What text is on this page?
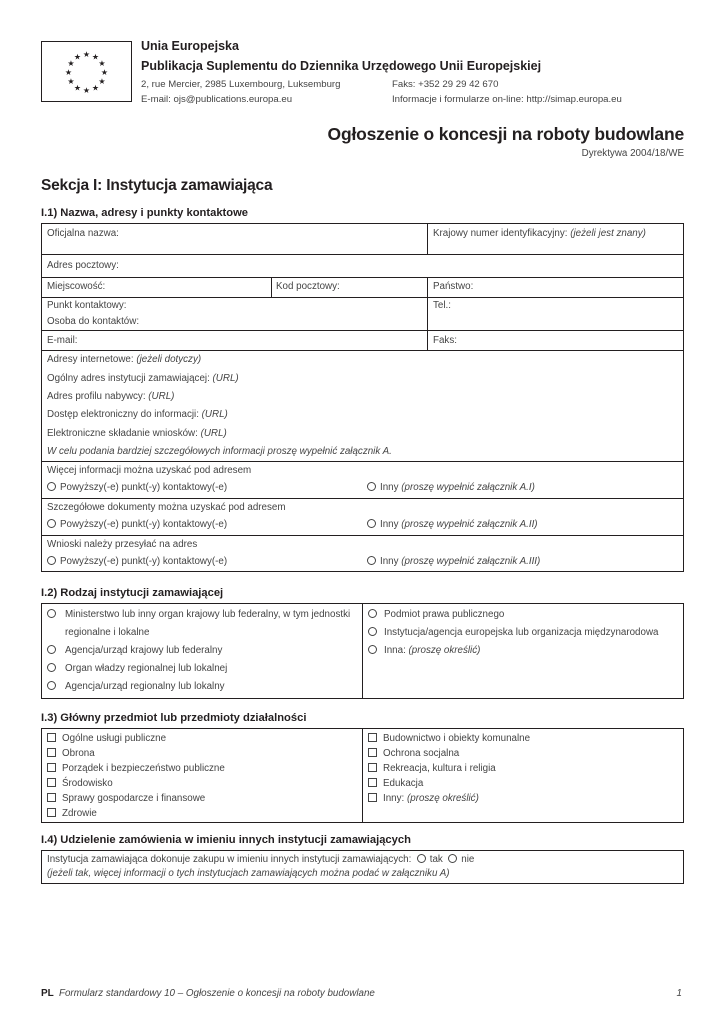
★ ★
★
★
★
★
★
★
★
★
★
★
Unia Europejska
Publikacja Suplementu do Dziennika Urzędowego Unii Europejskiej
2, rue Mercier, 2985 Luxembourg, Luksemburg	Faks: +352 29 29 42 670
E-mail: ojs@publications.europa.eu	Informacje i formularze on-line: http://simap.europa.eu
Ogłoszenie o koncesji na roboty budowlane
Dyrektywa 2004/18/WE
Sekcja I: Instytucja zamawiająca
I.1) Nazwa, adresy i punkty kontaktowe
Oficjalna nazwa:	Krajowy numer identyfikacyjny: (jeżeli jest znany)
Adres pocztowy:
Miejscowość:	Kod pocztowy:	Państwo:
Punkt kontaktowy:	Tel.:
Osoba do kontaktów:
E-mail:	Faks:
Adresy internetowe: (jeżeli dotyczy)
Ogólny adres instytucji zamawiającej: (URL)
Adres profilu nabywcy: (URL)
Dostęp elektroniczny do informacji: (URL)
Elektroniczne składanie wniosków: (URL)
W celu podania bardziej szczegółowych informacji proszę wypełnić załącznik A.
Więcej informacji można uzyskać pod adresem
Powyższy(-e) punkt(-y) kontaktowy(-e)	Inny (proszę wypełnić załącznik A.I)
Szczegółowe dokumenty można uzyskać pod adresem
Powyższy(-e) punkt(-y) kontaktowy(-e)	Inny (proszę wypełnić załącznik A.II)
Wnioski należy przesyłać na adres
Powyższy(-e) punkt(-y) kontaktowy(-e)	Inny (proszę wypełnić załącznik A.III)
I.2) Rodzaj instytucji zamawiającej
Ministerstwo lub inny organ krajowy lub federalny, w tym jednostki
regionalne i lokalne
Agencja/urząd krajowy lub federalny
Organ władzy regionalnej lub lokalnej
Agencja/urząd regionalny lub lokalny
Podmiot prawa publicznego
Instytucja/agencja europejska lub organizacja międzynarodowa
Inna: (proszę określić)
I.3) Główny przedmiot lub przedmioty działalności
Ogólne usługi publiczne
Obrona
Porządek i bezpieczeństwo publiczne
Środowisko
Sprawy gospodarcze i finansowe
Zdrowie
Budownictwo i obiekty komunalne
Ochrona socjalna
Rekreacja, kultura i religia
Edukacja
Inny: (proszę określić)
I.4) Udzielenie zamówienia w imieniu innych instytucji zamawiających
Instytucja zamawiająca dokonuje zakupu w imieniu innych instytucji zamawiających: tak nie
(jeżeli tak, więcej informacji o tych instytucjach zamawiających można podać w załączniku A)
PL Formularz standardowy 10 – Ogłoszenie o koncesji na roboty budowlane	1
